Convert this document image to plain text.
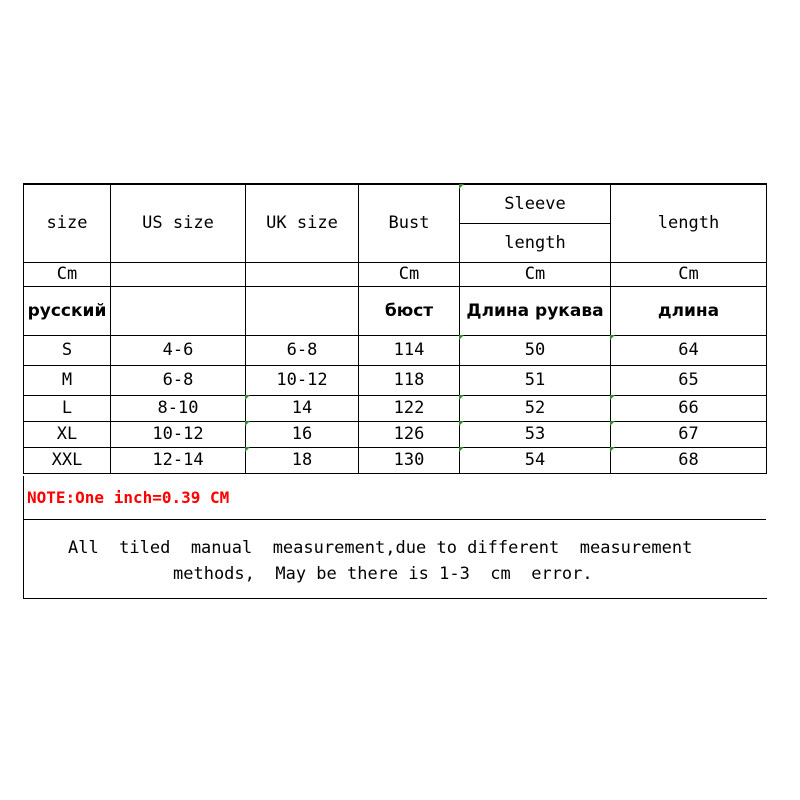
size	US size	UK size	Bust	Sleeve	length
				length	
Cm			Cm	Cm	Cm
русский			бюст	Длина рукава	длина
S	4-6	6-8	114	50	64
M	6-8	10-12	118	51	65
L	8-10	14	122	52	66
XL	10-12	16	126	53	67
XXL	12-14	18	130	54	68
NOTE:One inch=0.39 CM
All  tiled  manual  measurement,due to different  measurement
methods,  May be there is 1-3  cm  error.
